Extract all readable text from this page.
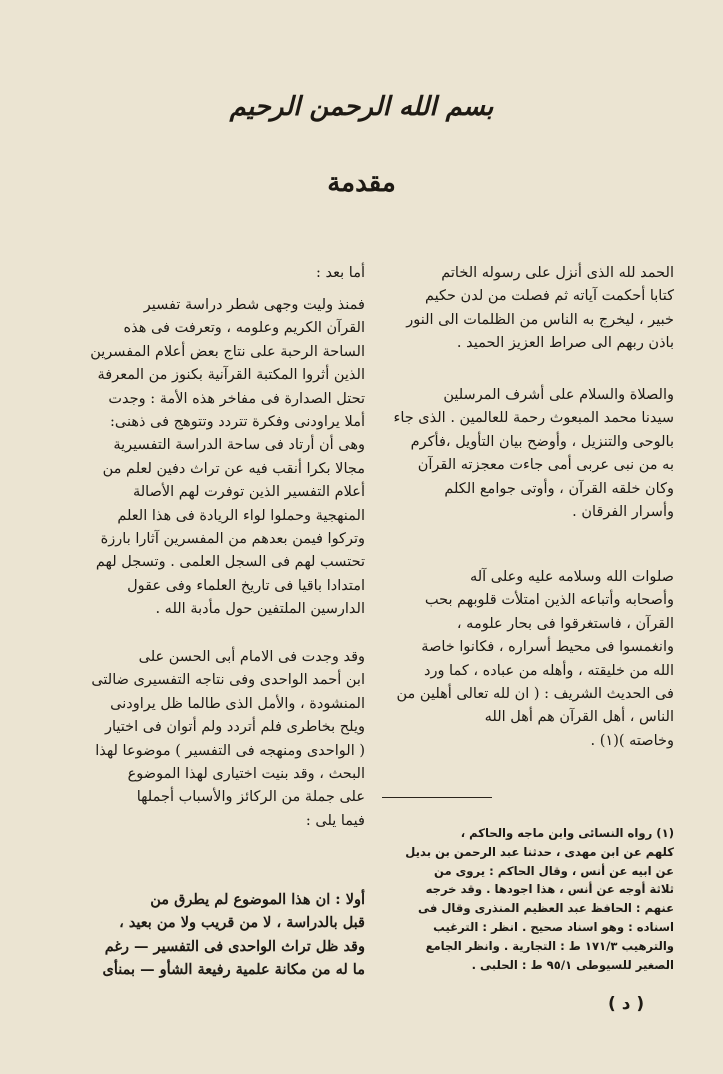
بسم الله الرحمن الرحيم
مقدمة
الحمد لله الذى أنزل على رسوله الخاتم
كتابا أحكمت آياته ثم فصلت من لدن حكيم
خبير ، ليخرج به الناس من الظلمات الى النور
باذن ربهم الى صراط العزيز الحميد .
والصلاة والسلام على أشرف المرسلين
سيدنا محمد المبعوث رحمة للعالمين . الذى جاء
بالوحى والتنزيل ، وأوضح بيان التأويل ،فأكرم
به من نبى عربى أمى جاءت معجزته القرآن
وكان خلقه القرآن ، وأوتى جوامع الكلم
وأسرار الفرقان .
صلوات الله وسلامه عليه وعلى آله
وأصحابه وأتباعه الذين امتلأت قلوبهم بحب
القرآن ، فاستغرقوا فى بحار علومه ،
وانغمسوا فى محيط أسراره ، فكانوا خاصة
الله من خليقته ، وأهله من عباده ، كما ورد
فى الحديث الشريف : ( ان لله تعالى أهلين من
الناس ، أهل القرآن هم أهل الله
وخاصته )(١) .
(١) رواه النسائى وابن ماجه والحاكم ،
كلهم عن ابن مهدى ، حدثنا عبد الرحمن بن بديل
عن ابيه عن أنس ، وقال الحاكم : يروى من
ثلاثة أوجه عن أنس ، هذا اجودها . وقد خرجه
عنهم : الحافظ عبد العظيم المنذرى وقال فى
اسناده : وهو اسناد صحيح . انظر : الترغيب
والترهيب ١٧١/٣ ط : التجارية . وانظر الجامع
الصغير للسيوطى ٩٥/١ ط : الحلبى .
أما بعد :
فمنذ وليت وجهى شطر دراسة تفسير
القرآن الكريم وعلومه ، وتعرفت فى هذه
الساحة الرحبة على نتاج بعض أعلام المفسرين
الذين أثروا المكتبة القرآنية بكنوز من المعرفة
تحتل الصدارة فى مفاخر هذه الأمة : وجدت
أملا يراودنى وفكرة تتردد وتتوهج فى ذهنى:
وهى أن أرتاد فى ساحة الدراسة التفسيرية
مجالا بكرا أنقب فيه عن تراث دفين لعلم من
أعلام التفسير الذين توفرت لهم الأصالة
المنهجية وحملوا لواء الريادة فى هذا العلم
وتركوا فيمن بعدهم من المفسرين آثارا بارزة
تحتسب لهم فى السجل العلمى . وتسجل لهم
امتدادا باقيا فى تاريخ العلماء وفى عقول
الدارسين الملتفين حول مأدبة الله .
وقد وجدت فى الامام أبى الحسن على
ابن أحمد الواحدى وفى نتاجه التفسيرى ضالتى
المنشودة ، والأمل الذى طالما ظل يراودنى
ويلح بخاطرى فلم أتردد ولم أتوان فى اختيار
( الواحدى ومنهجه فى التفسير ) موضوعا لهذا
البحث ، وقد بنيت اختيارى لهذا الموضوع
على جملة من الركائز والأسباب أجملها
فيما يلى :
أولا : ان هذا الموضوع لم يطرق من
قبل بالدراسة ، لا من قريب ولا من بعيد ،
وقد ظل تراث الواحدى فى التفسير — رغم
ما له من مكانة علمية رفيعة الشأو — بمنأى
( د )
